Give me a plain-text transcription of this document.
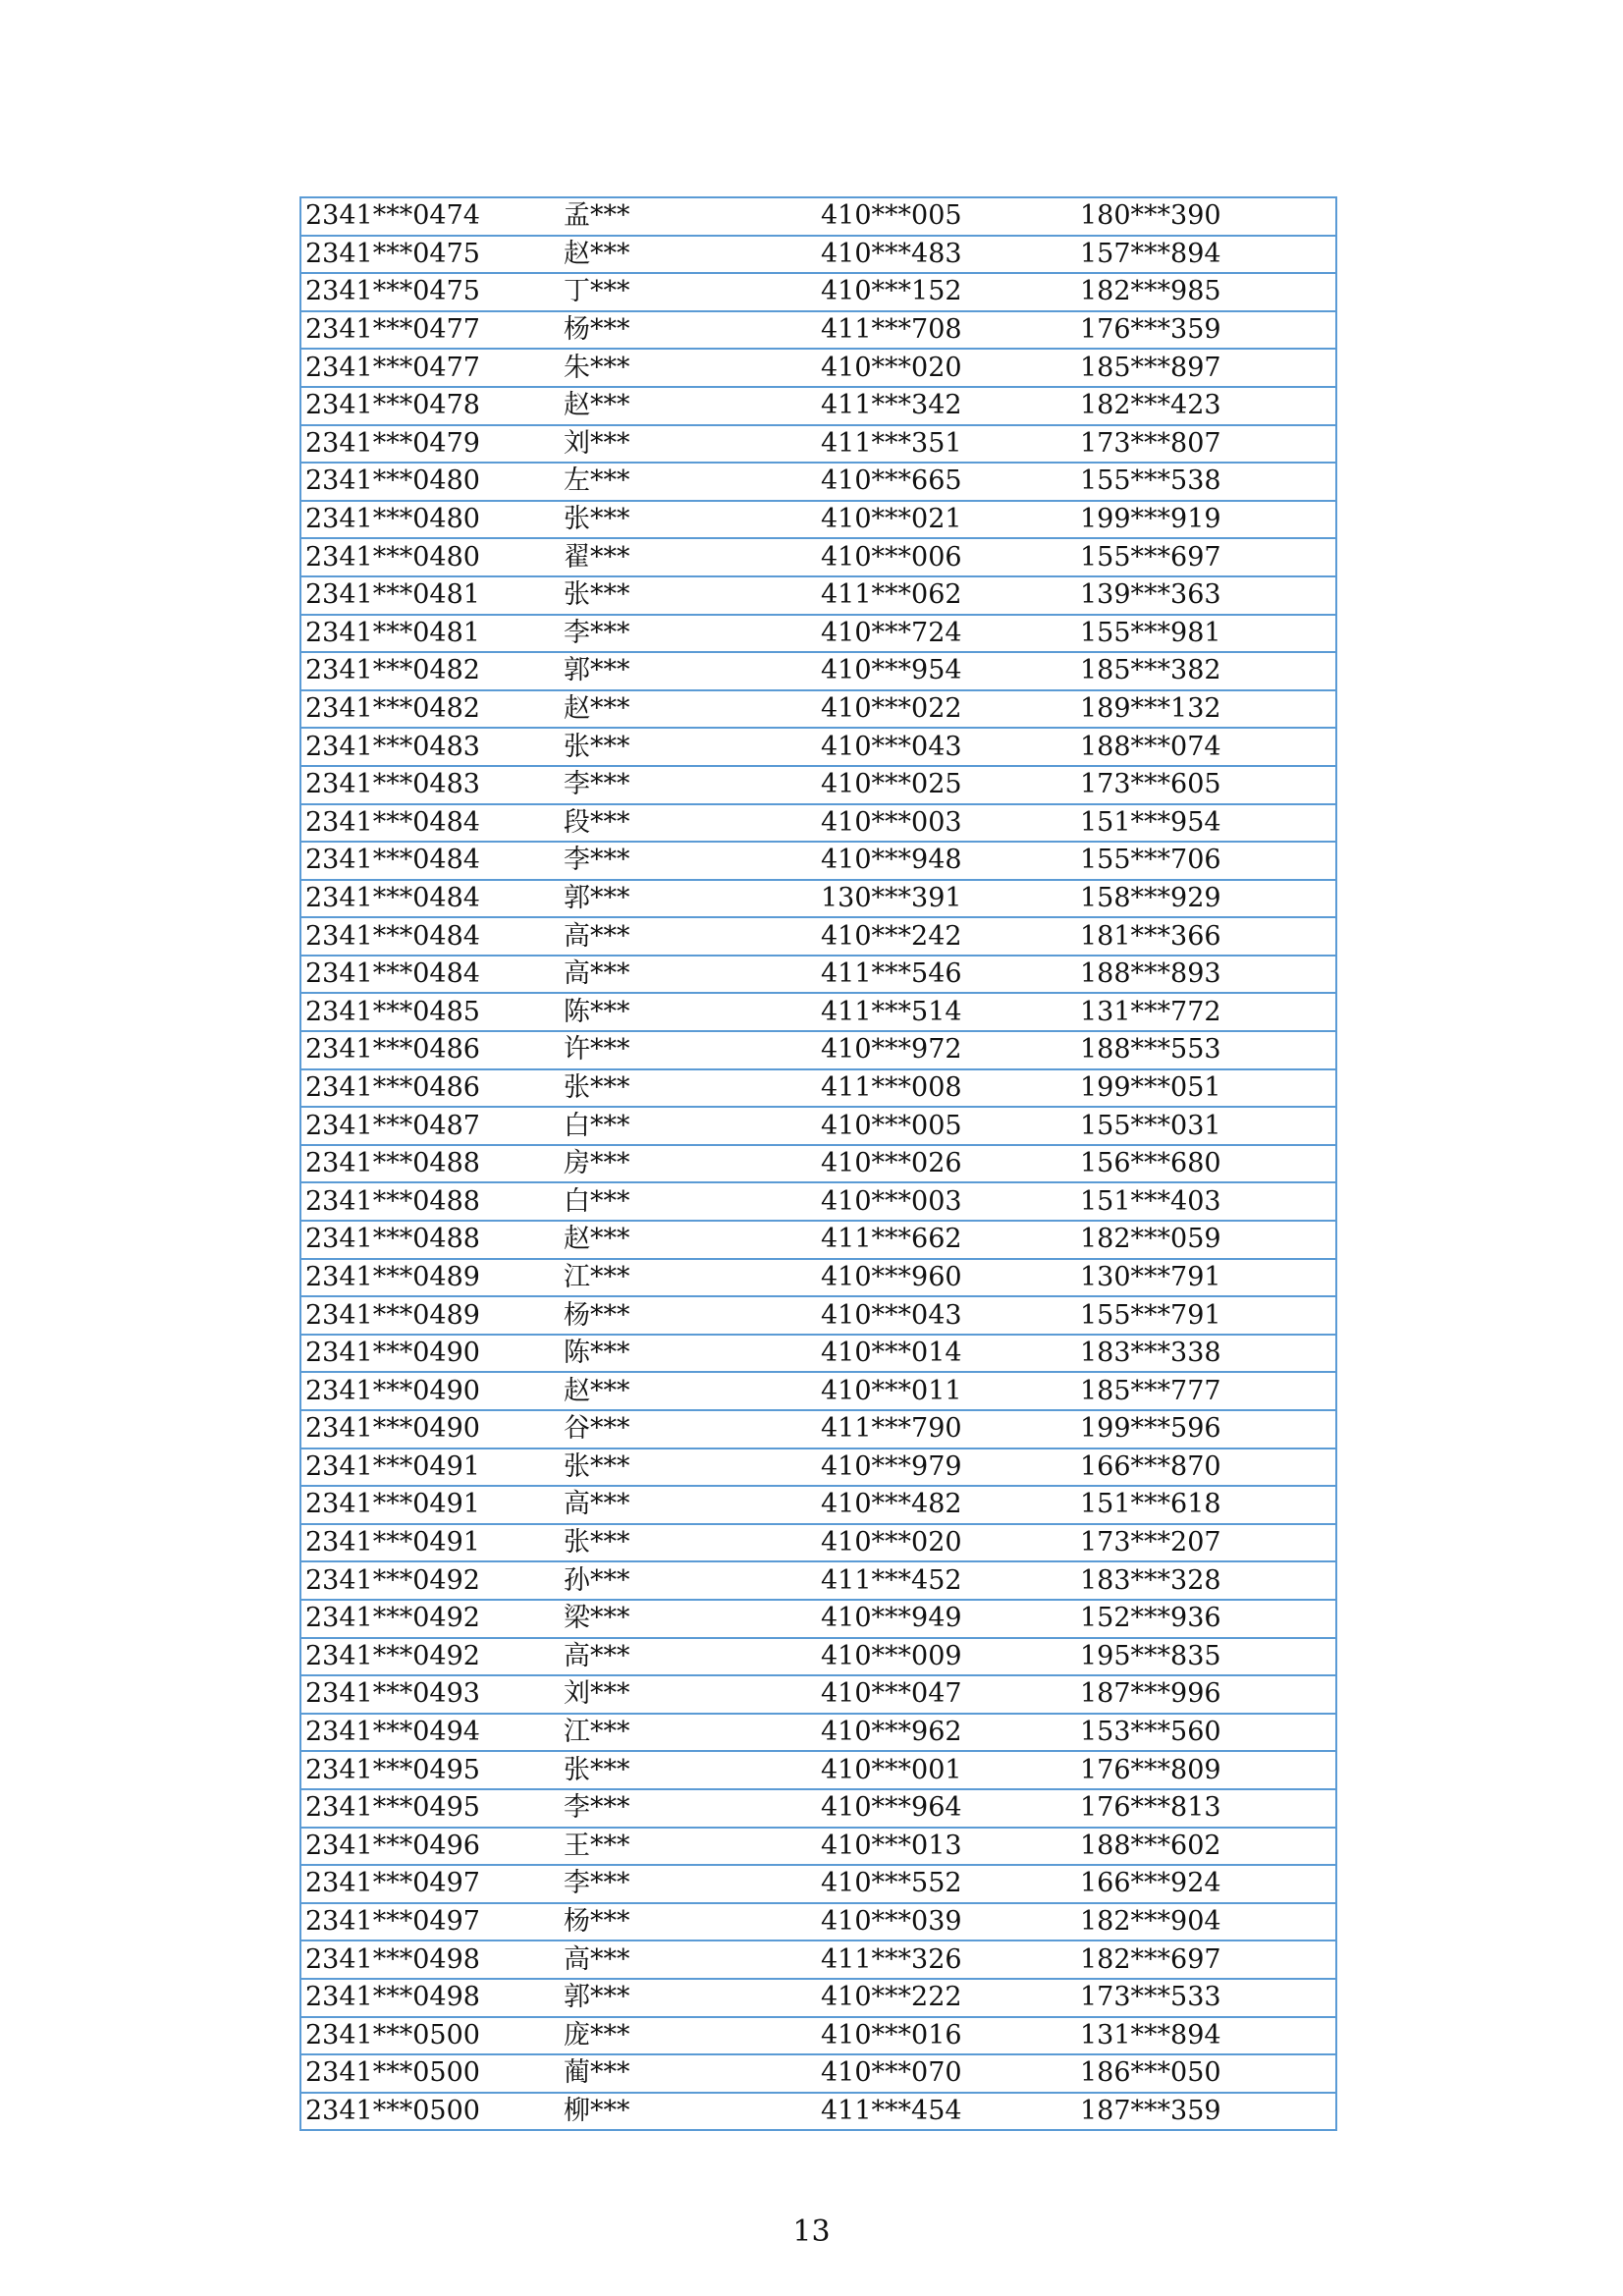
2341***0474	孟***	410***005	180***390
2341***0475	赵***	410***483	157***894
2341***0475	丁***	410***152	182***985
2341***0477	杨***	411***708	176***359
2341***0477	朱***	410***020	185***897
2341***0478	赵***	411***342	182***423
2341***0479	刘***	411***351	173***807
2341***0480	左***	410***665	155***538
2341***0480	张***	410***021	199***919
2341***0480	翟***	410***006	155***697
2341***0481	张***	411***062	139***363
2341***0481	李***	410***724	155***981
2341***0482	郭***	410***954	185***382
2341***0482	赵***	410***022	189***132
2341***0483	张***	410***043	188***074
2341***0483	李***	410***025	173***605
2341***0484	段***	410***003	151***954
2341***0484	李***	410***948	155***706
2341***0484	郭***	130***391	158***929
2341***0484	高***	410***242	181***366
2341***0484	高***	411***546	188***893
2341***0485	陈***	411***514	131***772
2341***0486	许***	410***972	188***553
2341***0486	张***	411***008	199***051
2341***0487	白***	410***005	155***031
2341***0488	房***	410***026	156***680
2341***0488	白***	410***003	151***403
2341***0488	赵***	411***662	182***059
2341***0489	江***	410***960	130***791
2341***0489	杨***	410***043	155***791
2341***0490	陈***	410***014	183***338
2341***0490	赵***	410***011	185***777
2341***0490	谷***	411***790	199***596
2341***0491	张***	410***979	166***870
2341***0491	高***	410***482	151***618
2341***0491	张***	410***020	173***207
2341***0492	孙***	411***452	183***328
2341***0492	梁***	410***949	152***936
2341***0492	高***	410***009	195***835
2341***0493	刘***	410***047	187***996
2341***0494	江***	410***962	153***560
2341***0495	张***	410***001	176***809
2341***0495	李***	410***964	176***813
2341***0496	王***	410***013	188***602
2341***0497	李***	410***552	166***924
2341***0497	杨***	410***039	182***904
2341***0498	高***	411***326	182***697
2341***0498	郭***	410***222	173***533
2341***0500	庞***	410***016	131***894
2341***0500	蔺***	410***070	186***050
2341***0500	柳***	411***454	187***359
13
